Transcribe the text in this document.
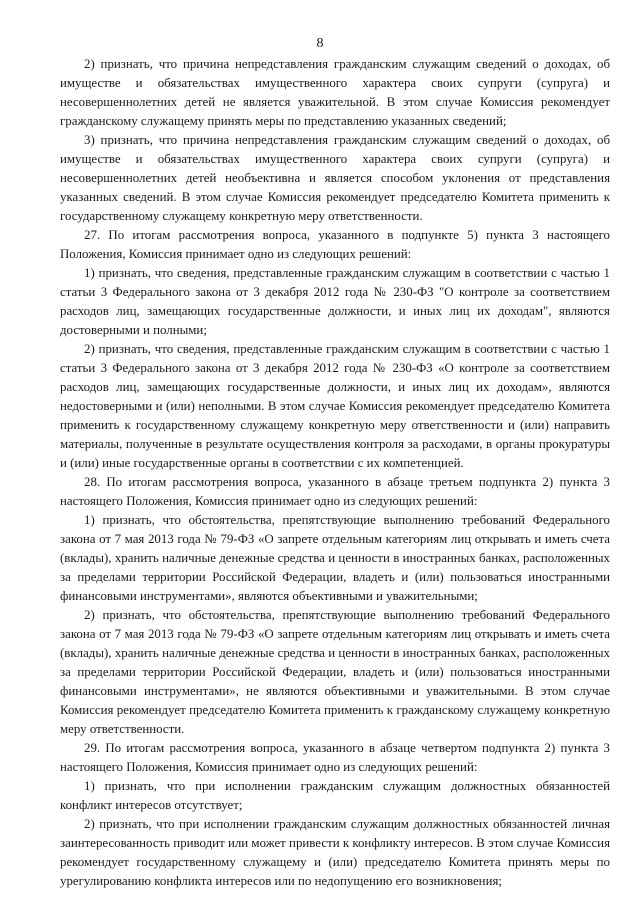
8

2) признать, что причина непредставления гражданским служащим сведений о доходах, об имуществе и обязательствах имущественного характера своих супруги (супруга) и несовершеннолетних детей не является уважительной. В этом случае Комиссия рекомендует гражданскому служащему принять меры по представлению указанных сведений;

3) признать, что причина непредставления гражданским служащим сведений о доходах, об имуществе и обязательствах имущественного характера своих супруги (супруга) и несовершеннолетних детей необъективна и является способом уклонения от представления указанных сведений. В этом случае Комиссия рекомендует председателю Комитета применить к государственному служащему конкретную меру ответственности.

27. По итогам рассмотрения вопроса, указанного в подпункте 5) пункта 3 настоящего Положения, Комиссия принимает одно из следующих решений:

1) признать, что сведения, представленные гражданским служащим в соответствии с частью 1 статьи 3 Федерального закона от 3 декабря 2012 года № 230-ФЗ "О контроле за соответствием расходов лиц, замещающих государственные должности, и иных лиц их доходам", являются достоверными и полными;

2) признать, что сведения, представленные гражданским служащим в соответствии с частью 1 статьи 3 Федерального закона от 3 декабря 2012 года № 230-ФЗ «О контроле за соответствием расходов лиц, замещающих государственные должности, и иных лиц их доходам», являются недостоверными и (или) неполными. В этом случае Комиссия рекомендует председателю Комитета применить к государственному служащему конкретную меру ответственности и (или) направить материалы, полученные в результате осуществления контроля за расходами, в органы прокуратуры и (или) иные государственные органы в соответствии с их компетенцией.

28. По итогам рассмотрения вопроса, указанного в абзаце третьем подпункта 2) пункта 3 настоящего Положения, Комиссия принимает одно из следующих решений:

1) признать, что обстоятельства, препятствующие выполнению требований Федерального закона от 7 мая 2013 года № 79-ФЗ «О запрете отдельным категориям лиц открывать и иметь счета (вклады), хранить наличные денежные средства и ценности в иностранных банках, расположенных за пределами территории Российской Федерации, владеть и (или) пользоваться иностранными финансовыми инструментами», являются объективными и уважительными;

2) признать, что обстоятельства, препятствующие выполнению требований Федерального закона от 7 мая 2013 года № 79-ФЗ «О запрете отдельным категориям лиц открывать и иметь счета (вклады), хранить наличные денежные средства и ценности в иностранных банках, расположенных за пределами территории Российской Федерации, владеть и (или) пользоваться иностранными финансовыми инструментами», не являются объективными и уважительными. В этом случае Комиссия рекомендует председателю Комитета применить к гражданскому служащему конкретную меру ответственности.

29. По итогам рассмотрения вопроса, указанного в абзаце четвертом подпункта 2) пункта 3 настоящего Положения, Комиссия принимает одно из следующих решений:

1) признать, что при исполнении гражданским служащим должностных обязанностей конфликт интересов отсутствует;

2) признать, что при исполнении гражданским служащим должностных обязанностей личная заинтересованность приводит или может привести к конфликту интересов. В этом случае Комиссия рекомендует государственному служащему и (или) председателю Комитета принять меры по урегулированию конфликта интересов или по недопущению его возникновения;
